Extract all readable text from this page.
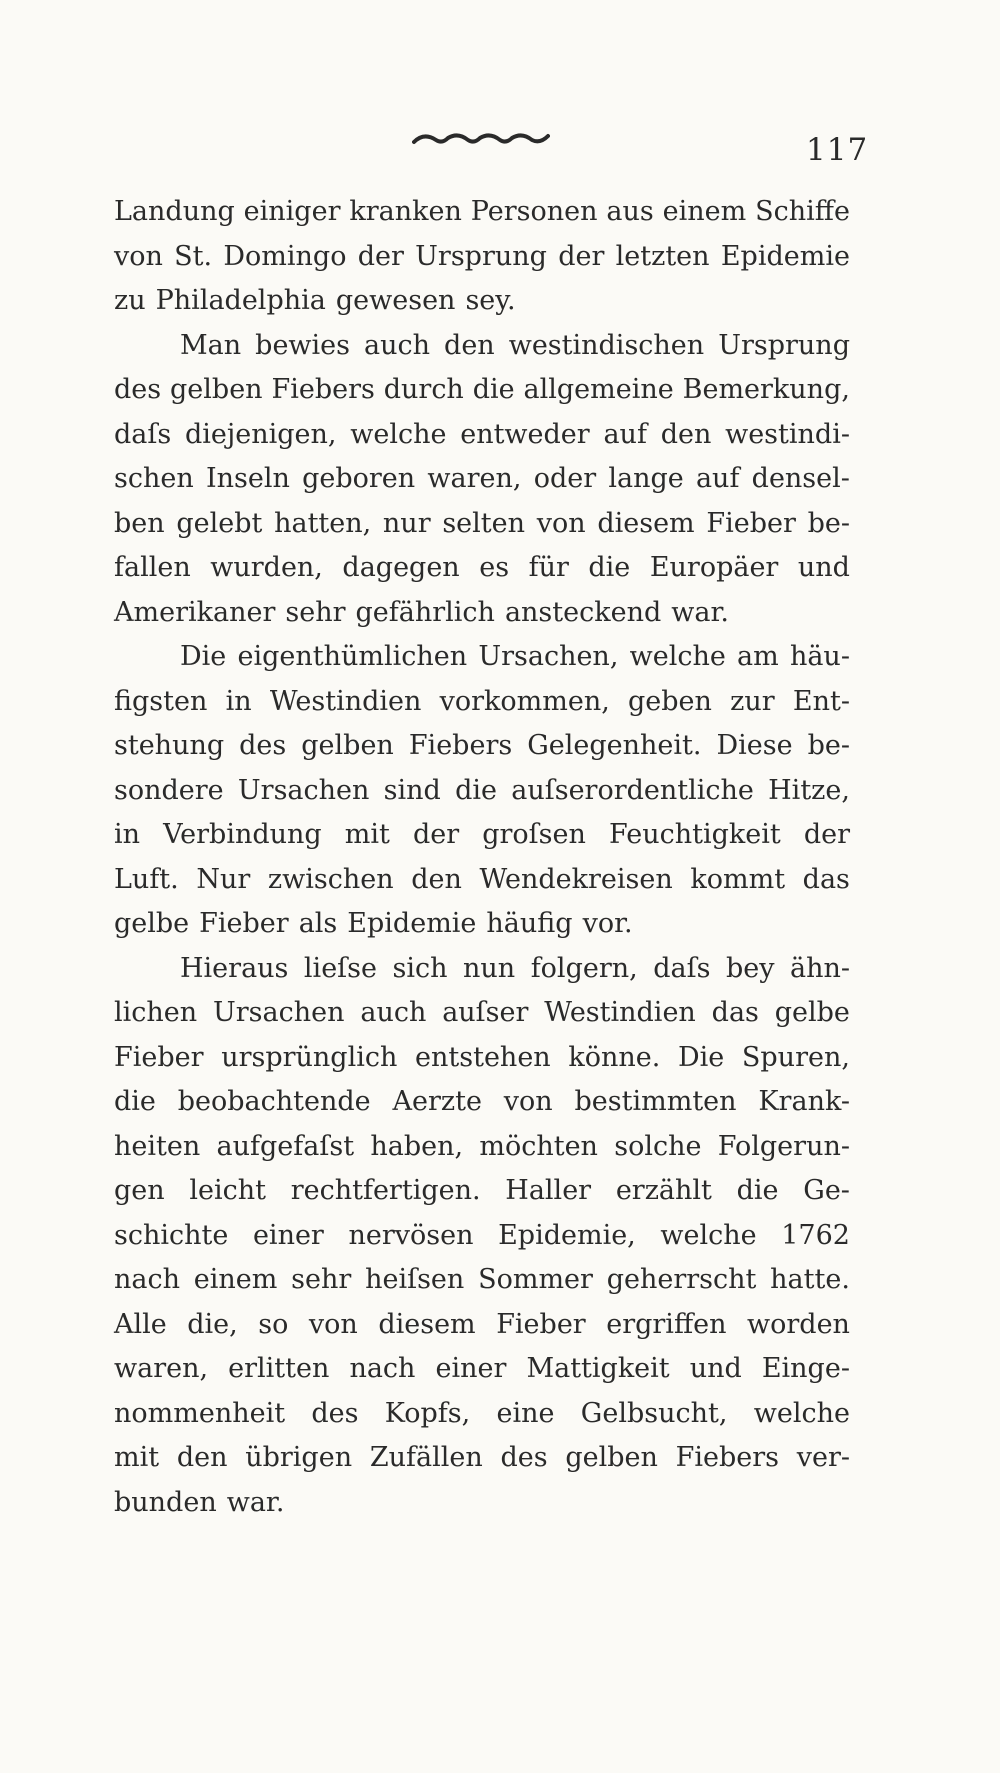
117
Landung einiger kranken Personen aus einem Schiffe
von St. Domingo der Ursprung der letzten Epidemie
zu Philadelphia gewesen sey.
Man bewies auch den westindischen Ursprung
des gelben Fiebers durch die allgemeine Bemerkung,
daſs diejenigen, welche entweder auf den westindi-
schen Inseln geboren waren, oder lange auf densel-
ben gelebt hatten, nur selten von diesem Fieber be-
fallen wurden, dagegen es für die Europäer und
Amerikaner sehr gefährlich ansteckend war.
Die eigenthümlichen Ursachen, welche am häu-
figsten in Westindien vorkommen, geben zur Ent-
stehung des gelben Fiebers Gelegenheit. Diese be-
sondere Ursachen sind die auſserordentliche Hitze,
in Verbindung mit der groſsen Feuchtigkeit der
Luft. Nur zwischen den Wendekreisen kommt das
gelbe Fieber als Epidemie häufig vor.
Hieraus lieſse sich nun folgern, daſs bey ähn-
lichen Ursachen auch auſser Westindien das gelbe
Fieber ursprünglich entstehen könne. Die Spuren,
die beobachtende Aerzte von bestimmten Krank-
heiten aufgefaſst haben, möchten solche Folgerun-
gen leicht rechtfertigen. Haller erzählt die Ge-
schichte einer nervösen Epidemie, welche 1762
nach einem sehr heiſsen Sommer geherrscht hatte.
Alle die, so von diesem Fieber ergriffen worden
waren, erlitten nach einer Mattigkeit und Einge-
nommenheit des Kopfs, eine Gelbsucht, welche
mit den übrigen Zufällen des gelben Fiebers ver-
bunden war.
